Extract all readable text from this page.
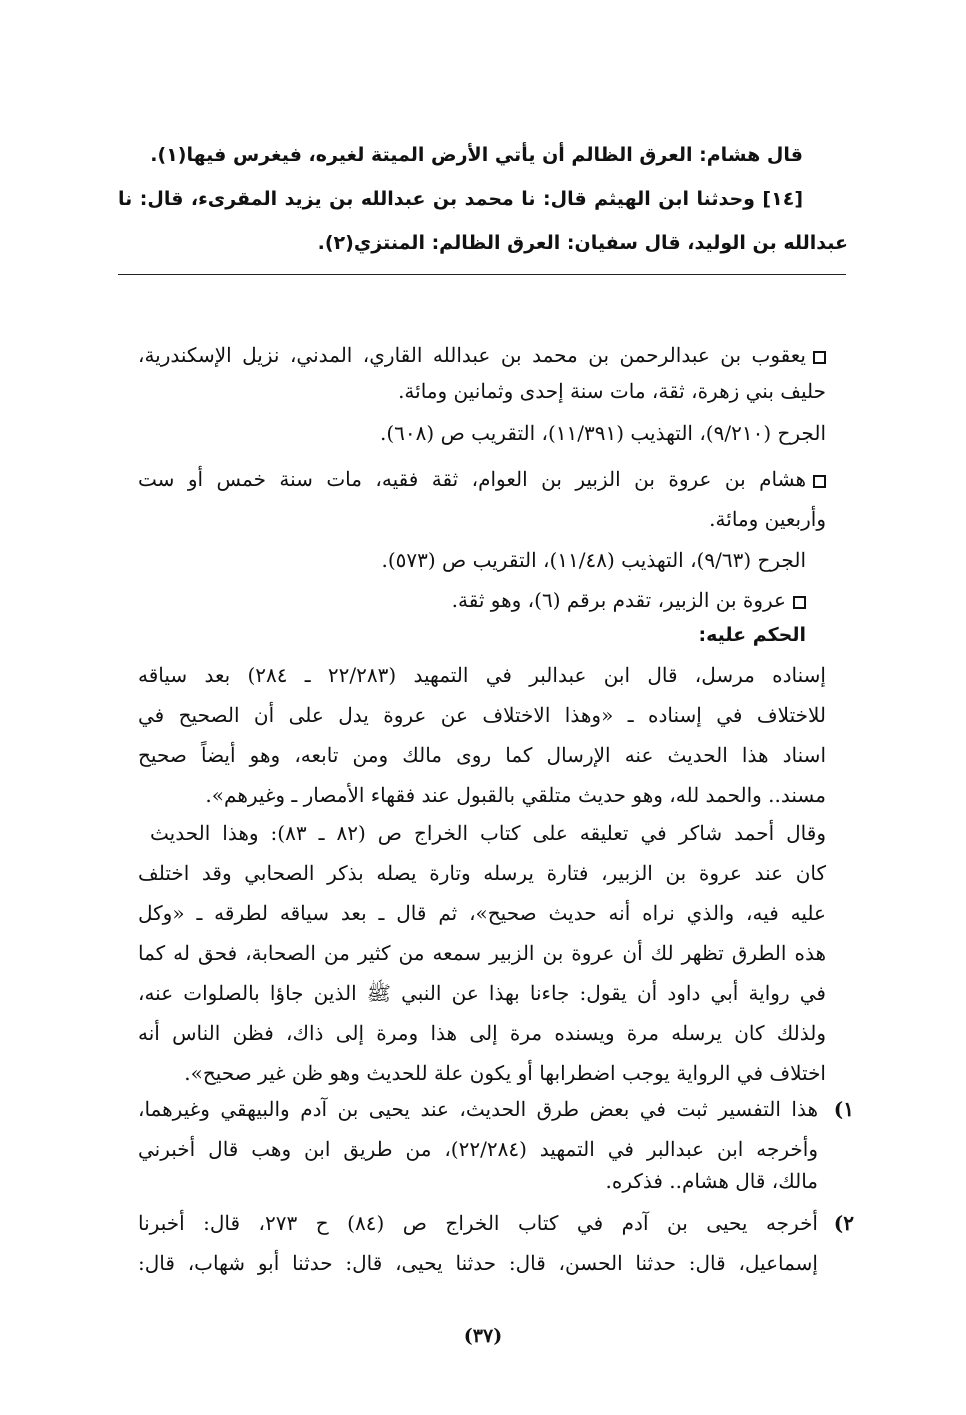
قال هشام: العرق الظالم أن يأتي الأرض الميتة لغيره، فيغرس فيها(١).
[١٤] وحدثنا ابن الهيثم قال: نا محمد بن عبدالله بن يزيد المقرىء، قال: نا
عبدالله بن الوليد، قال سفيان: العرق الظالم: المنتزي(٢).
يعقوب بن عبدالرحمن بن محمد بن عبدالله القاري، المدني، نزيل الإسكندرية،
حليف بني زهرة، ثقة، مات سنة إحدى وثمانين ومائة.
الجرح (٩/٢١٠)، التهذيب (١١/٣٩١)، التقريب ص (٦٠٨).
هشام بن عروة بن الزبير بن العوام، ثقة فقيه، مات سنة خمس أو ست
وأربعين ومائة.
الجرح (٩/٦٣)، التهذيب (١١/٤٨)، التقريب ص (٥٧٣).
عروة بن الزبير، تقدم برقم (٦)، وهو ثقة.
الحكم عليه:
إسناده مرسل، قال ابن عبدالبر في التمهيد (٢٢/٢٨٣ ـ ٢٨٤) بعد سياقه
للاختلاف في إسناده ـ «وهذا الاختلاف عن عروة يدل على أن الصحيح في
اسناد هذا الحديث عنه الإرسال كما روى مالك ومن تابعه، وهو أيضاً صحيح
مسند.. والحمد لله، وهو حديث متلقي بالقبول عند فقهاء الأمصار ـ وغيرهم».
وقال أحمد شاكر في تعليقه على كتاب الخراج ص (٨٢ ـ ٨٣): وهذا الحديث
كان عند عروة بن الزبير، فتارة يرسله وتارة يصله بذكر الصحابي وقد اختلف
عليه فيه، والذي نراه أنه حديث صحيح»، ثم قال ـ بعد سياقه لطرقه ـ «وكل
هذه الطرق تظهر لك أن عروة بن الزبير سمعه من كثير من الصحابة، فحق له كما
في رواية أبي داود أن يقول: جاءنا بهذا عن النبي ﷺ الذين جاؤا بالصلوات عنه،
ولذلك كان يرسله مرة ويسنده مرة إلى هذا ومرة إلى ذاك، فظن الناس أنه
اختلاف في الرواية يوجب اضطرابها أو يكون علة للحديث وهو ظن غير صحيح».
١)
هذا التفسير ثبت في بعض طرق الحديث، عند يحيى بن آدم والبيهقي وغيرهما،
وأخرجه ابن عبدالبر في التمهيد (٢٢/٢٨٤)، من طريق ابن وهب قال أخبرني
مالك، قال هشام.. فذكره.
٢)
أخرجه يحيى بن آدم في كتاب الخراج ص (٨٤) ح ٢٧٣، قال: أخبرنا
إسماعيل، قال: حدثنا الحسن، قال: حدثنا يحيى، قال: حدثنا أبو شهاب، قال:
(٣٧)
